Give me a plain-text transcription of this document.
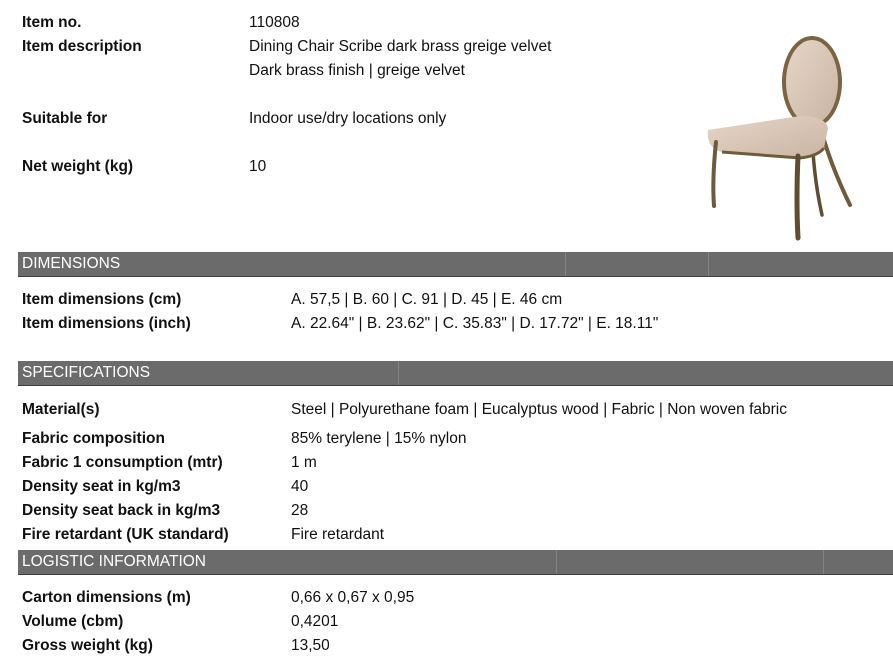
Item no.	110808
Item description	Dining Chair Scribe dark brass greige velvet
Dark brass finish | greige velvet
Suitable for	Indoor use/dry locations only
Net weight (kg)	10
DIMENSIONS
Item dimensions (cm)	A. 57,5 | B. 60 | C. 91 | D. 45 | E. 46 cm
Item dimensions (inch)	A. 22.64" | B. 23.62" | C. 35.83" | D. 17.72" | E. 18.11"
SPECIFICATIONS
Material(s)	Steel | Polyurethane foam | Eucalyptus wood | Fabric | Non woven fabric
Fabric composition	85% terylene | 15% nylon
Fabric 1 consumption (mtr)	1 m
Density seat in kg/m3	40
Density seat back in kg/m3	28
Fire retardant (UK standard)	Fire retardant
LOGISTIC INFORMATION
Carton dimensions (m)	0,66 x 0,67 x 0,95
Volume (cbm)	0,4201
Gross weight (kg)	13,50
